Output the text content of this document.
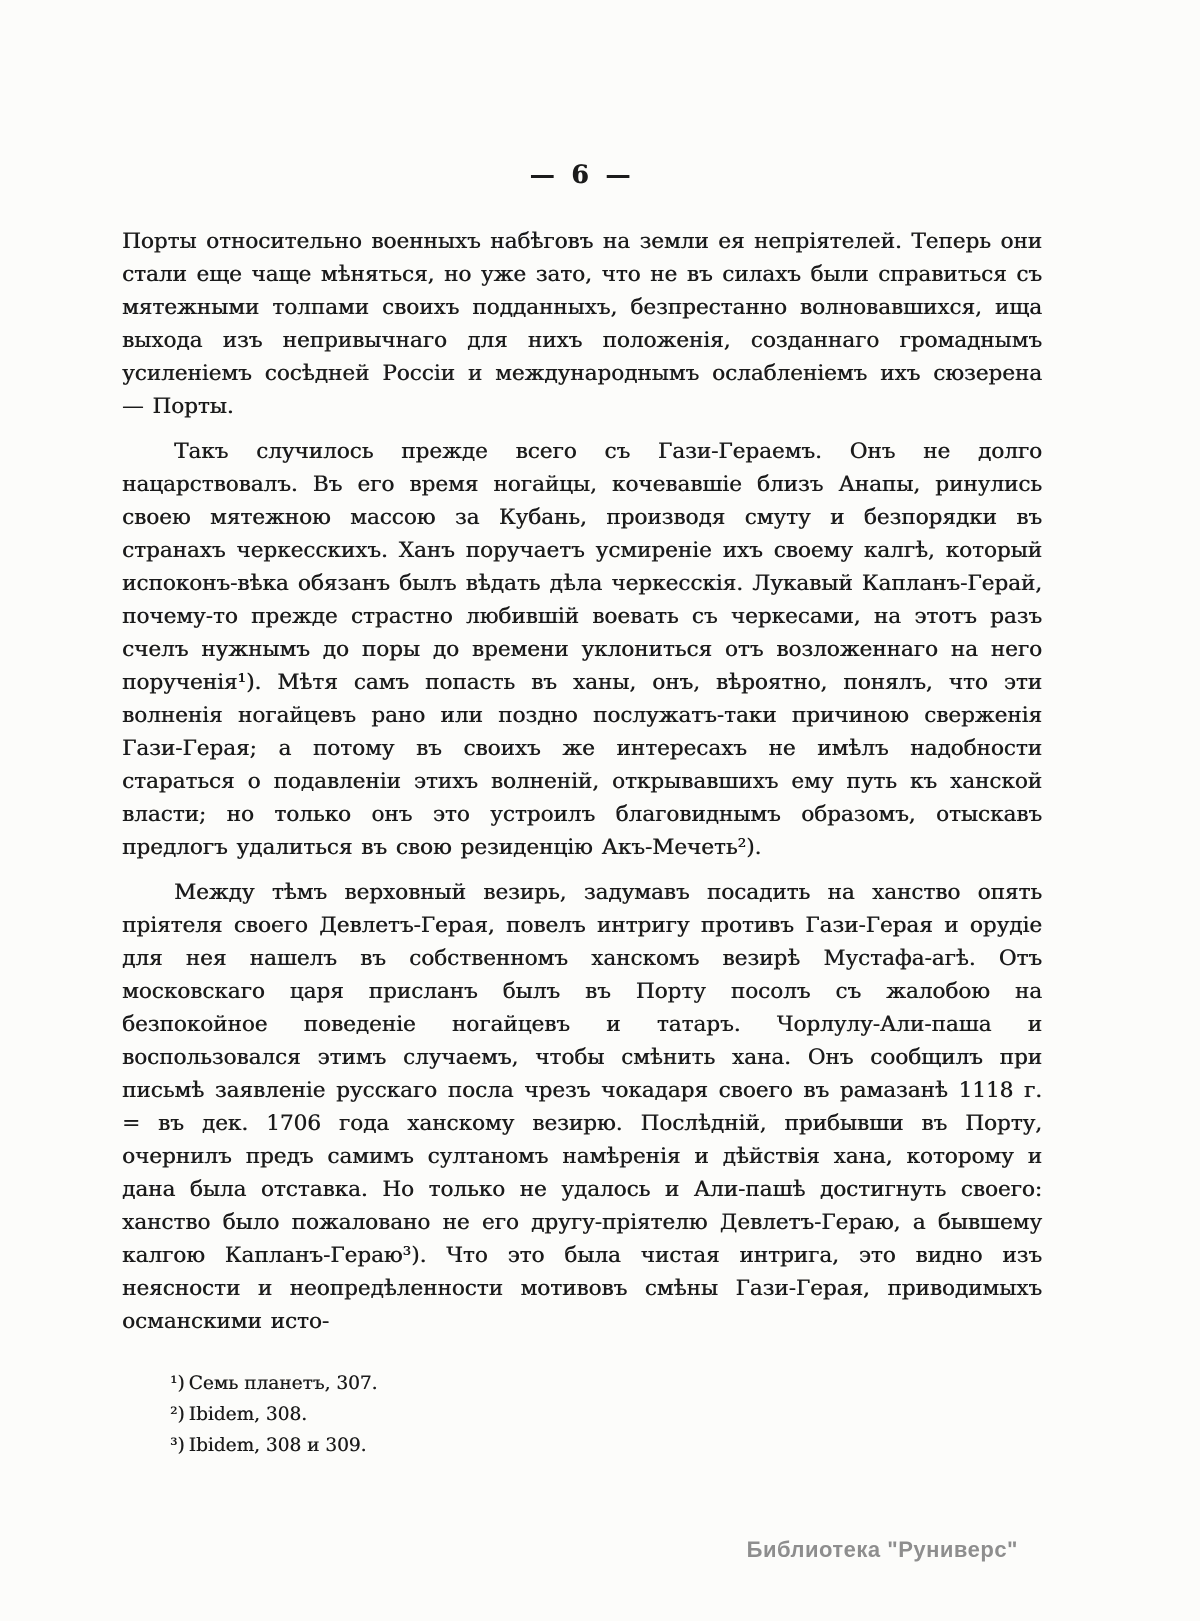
— 6 —

Порты относительно военныхъ набѣговъ на земли ея непріятелей. Теперь они стали еще чаще мѣняться, но уже зато, что не въ силахъ были справиться съ мятежными толпами своихъ подданныхъ, безпрестанно волновавшихся, ища выхода изъ непривычнаго для нихъ положенія, созданнаго громаднымъ усиленіемъ сосѣдней Россіи и международнымъ ослабленіемъ ихъ сюзерена — Порты.

Такъ случилось прежде всего съ Гази-Гераемъ. Онъ не долго нацарствовалъ. Въ его время ногайцы, кочевавшіе близъ Анапы, ринулись своею мятежною массою за Кубань, производя смуту и безпорядки въ странахъ черкесскихъ. Ханъ поручаетъ усмиреніе ихъ своему калгѣ, который испоконъ-вѣка обязанъ былъ вѣдать дѣла черкесскія. Лукавый Капланъ-Герай, почему-то прежде страстно любившій воевать съ черкесами, на этотъ разъ счелъ нужнымъ до поры до времени уклониться отъ возложеннаго на него порученія¹). Мѣтя самъ попасть въ ханы, онъ, вѣроятно, понялъ, что эти волненія ногайцевъ рано или поздно послужатъ-таки причиною сверженія Гази-Герая; а потому въ своихъ же интересахъ не имѣлъ надобности стараться о подавленіи этихъ волненій, открывавшихъ ему путь къ ханской власти; но только онъ это устроилъ благовиднымъ образомъ, отыскавъ предлогъ удалиться въ свою резиденцію Акъ-Мечеть²).

Между тѣмъ верховный везирь, задумавъ посадить на ханство опять пріятеля своего Девлетъ-Герая, повелъ интригу противъ Гази-Герая и орудіе для нея нашелъ въ собственномъ ханскомъ везирѣ Мустафа-агѣ. Отъ московскаго царя присланъ былъ въ Порту посолъ съ жалобою на безпокойное поведеніе ногайцевъ и татаръ. Чорлулу-Али-паша и воспользовался этимъ случаемъ, чтобы смѣнить хана. Онъ сообщилъ при письмѣ заявленіе русскаго посла чрезъ чокадаря своего въ рамазанѣ 1118 г. = въ дек. 1706 года ханскому везирю. Послѣдній, прибывши въ Порту, очернилъ предъ самимъ султаномъ намѣренія и дѣйствія хана, которому и дана была отставка. Но только не удалось и Али-пашѣ достигнуть своего: ханство было пожаловано не его другу-пріятелю Девлетъ-Гераю, а бывшему калгою Капланъ-Гераю³). Что это была чистая интрига, это видно изъ неясности и неопредѣленности мотивовъ смѣны Гази-Герая, приводимыхъ османскими исто-

¹) Семь планетъ, 307.
²) Ibidem, 308.
³) Ibidem, 308 и 309.
Библиотека "Руниверс"
